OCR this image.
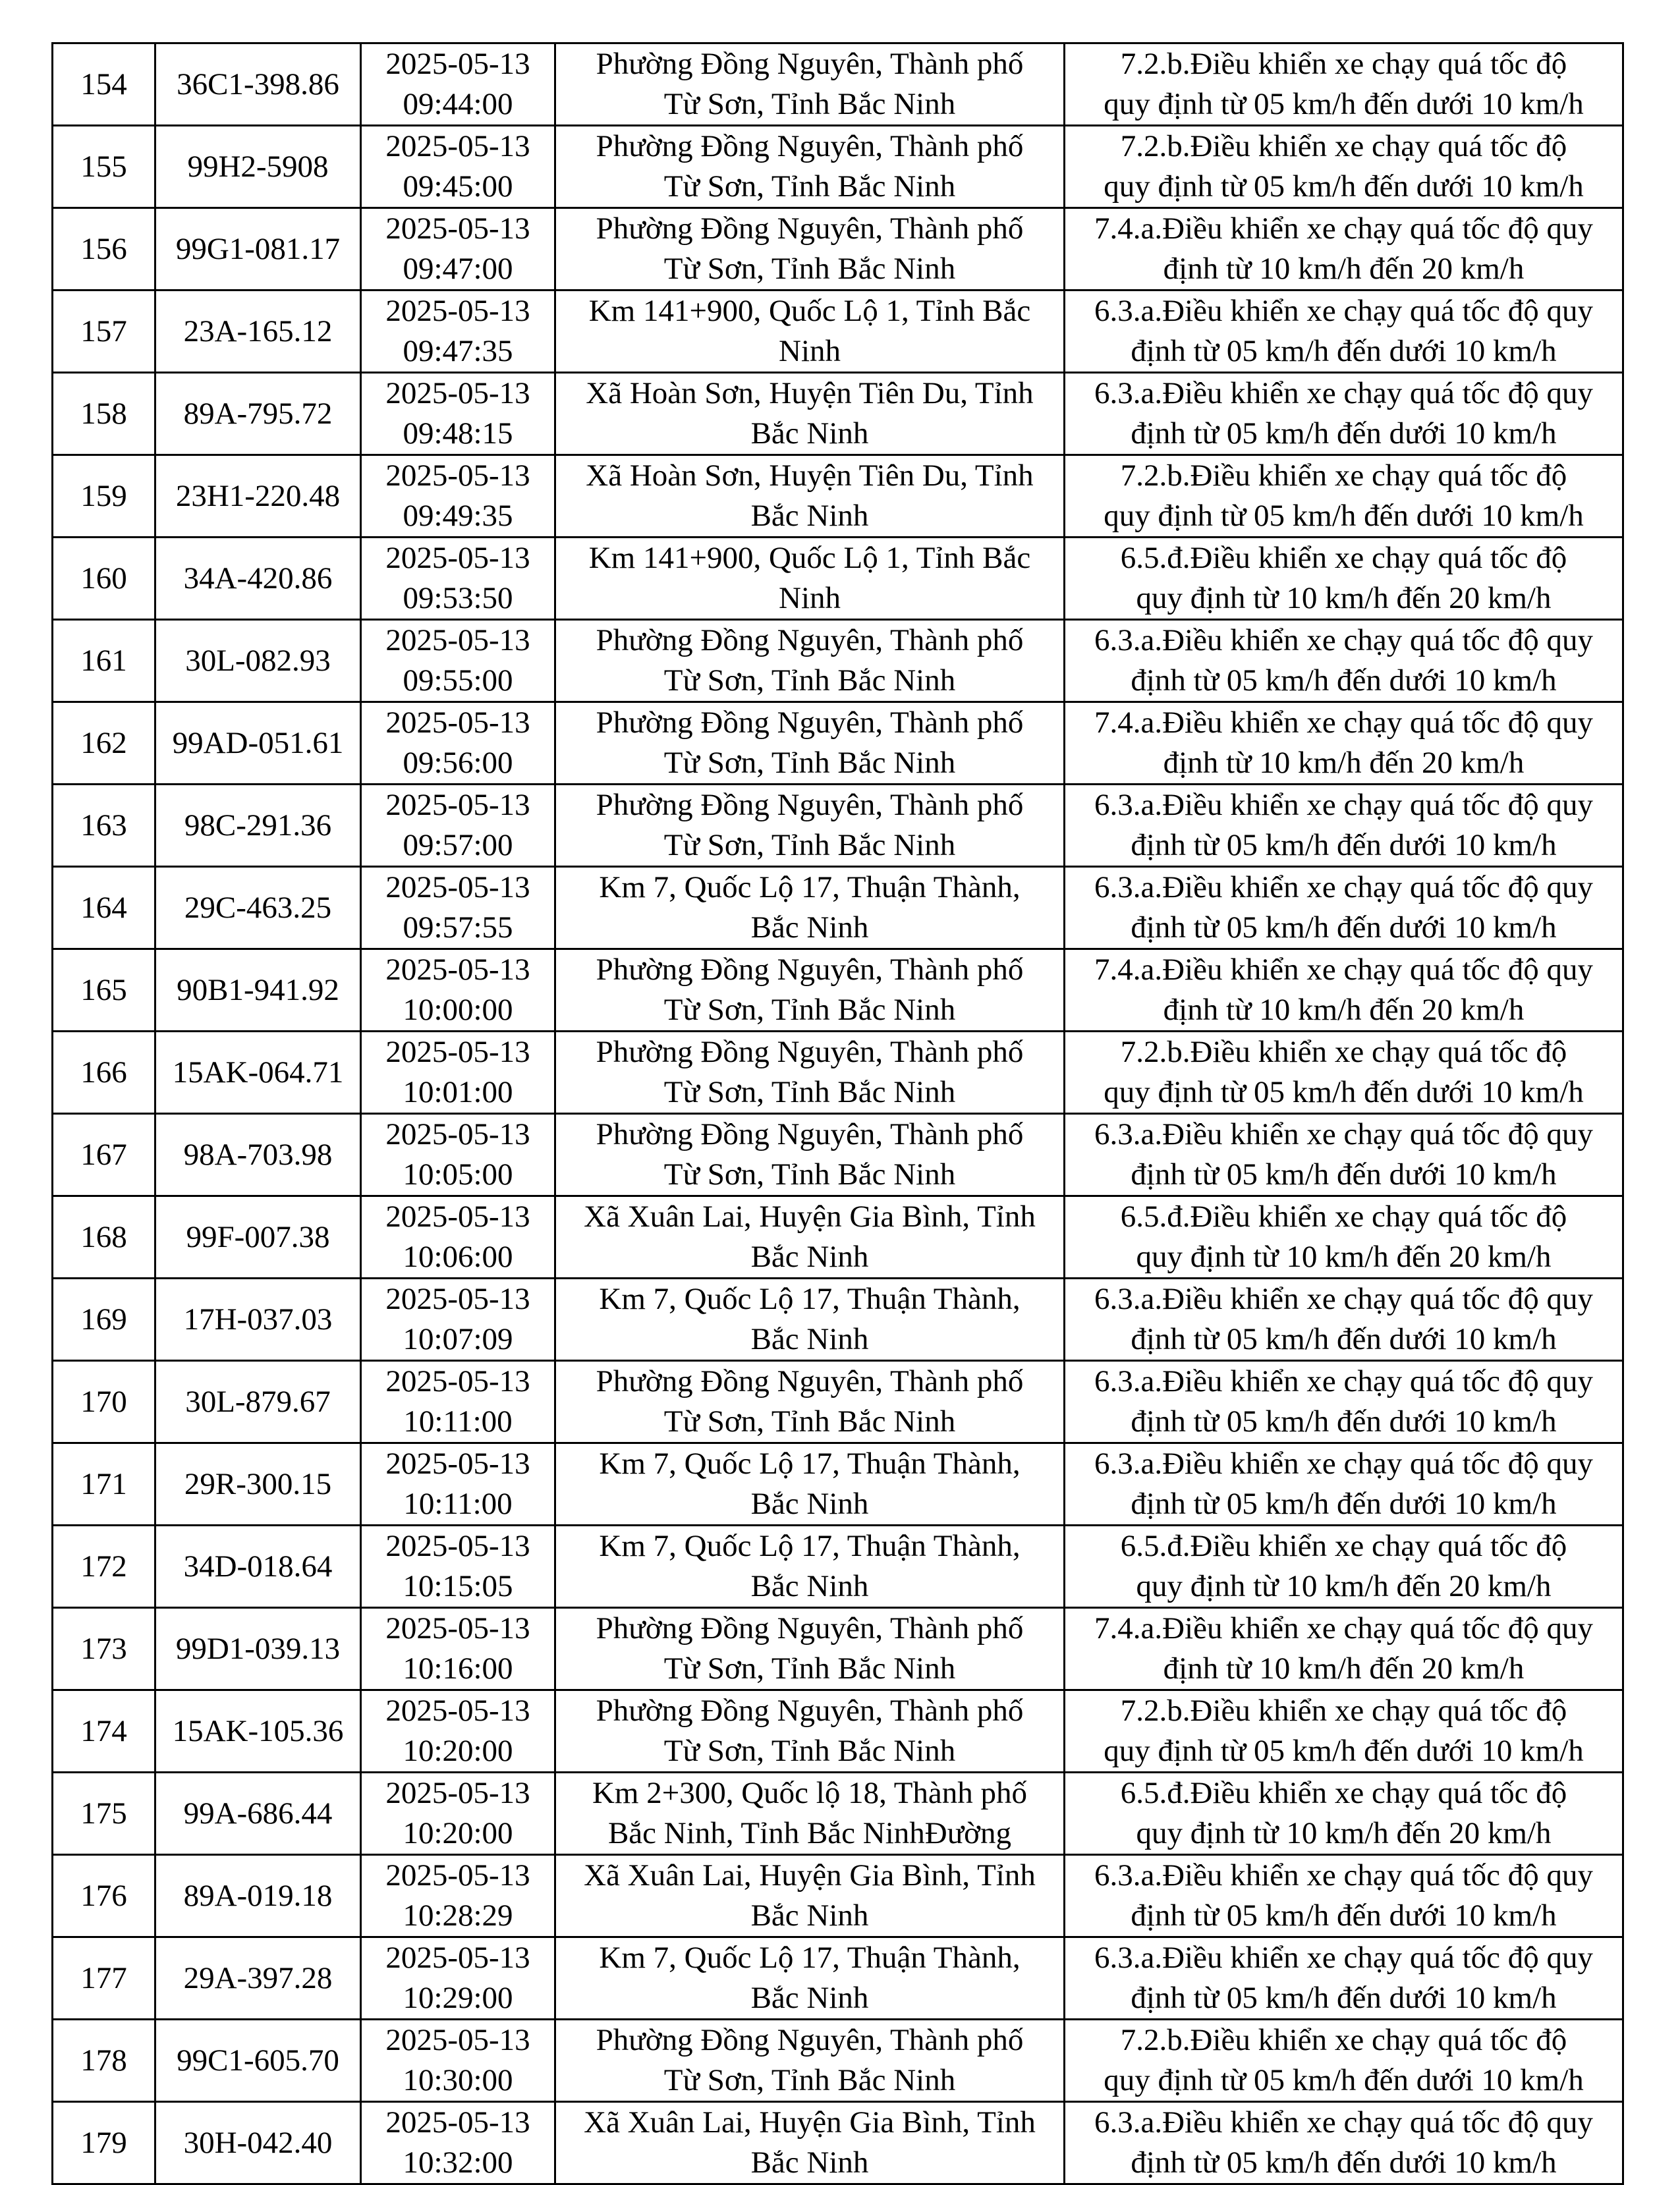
154	36C1-398.86	2025-05-13
09:44:00	Phường Đồng Nguyên, Thành phố
Từ Sơn, Tỉnh Bắc Ninh	7.2.b.Điều khiển xe chạy quá tốc độ
quy định từ 05 km/h đến dưới 10 km/h

155	99H2-5908	2025-05-13
09:45:00	Phường Đồng Nguyên, Thành phố
Từ Sơn, Tỉnh Bắc Ninh	7.2.b.Điều khiển xe chạy quá tốc độ
quy định từ 05 km/h đến dưới 10 km/h

156	99G1-081.17	2025-05-13
09:47:00	Phường Đồng Nguyên, Thành phố
Từ Sơn, Tỉnh Bắc Ninh	7.4.a.Điều khiển xe chạy quá tốc độ quy
định từ 10 km/h đến 20 km/h

157	23A-165.12	2025-05-13
09:47:35	Km 141+900, Quốc Lộ 1, Tỉnh Bắc
Ninh	6.3.a.Điều khiển xe chạy quá tốc độ quy
định từ 05 km/h đến dưới 10 km/h

158	89A-795.72	2025-05-13
09:48:15	Xã Hoàn Sơn, Huyện Tiên Du, Tỉnh
Bắc Ninh	6.3.a.Điều khiển xe chạy quá tốc độ quy
định từ 05 km/h đến dưới 10 km/h

159	23H1-220.48	2025-05-13
09:49:35	Xã Hoàn Sơn, Huyện Tiên Du, Tỉnh
Bắc Ninh	7.2.b.Điều khiển xe chạy quá tốc độ
quy định từ 05 km/h đến dưới 10 km/h

160	34A-420.86	2025-05-13
09:53:50	Km 141+900, Quốc Lộ 1, Tỉnh Bắc
Ninh	6.5.đ.Điều khiển xe chạy quá tốc độ
quy định từ 10 km/h đến 20 km/h

161	30L-082.93	2025-05-13
09:55:00	Phường Đồng Nguyên, Thành phố
Từ Sơn, Tỉnh Bắc Ninh	6.3.a.Điều khiển xe chạy quá tốc độ quy
định từ 05 km/h đến dưới 10 km/h

162	99AD-051.61	2025-05-13
09:56:00	Phường Đồng Nguyên, Thành phố
Từ Sơn, Tỉnh Bắc Ninh	7.4.a.Điều khiển xe chạy quá tốc độ quy
định từ 10 km/h đến 20 km/h

163	98C-291.36	2025-05-13
09:57:00	Phường Đồng Nguyên, Thành phố
Từ Sơn, Tỉnh Bắc Ninh	6.3.a.Điều khiển xe chạy quá tốc độ quy
định từ 05 km/h đến dưới 10 km/h

164	29C-463.25	2025-05-13
09:57:55	Km 7, Quốc Lộ 17, Thuận Thành,
Bắc Ninh	6.3.a.Điều khiển xe chạy quá tốc độ quy
định từ 05 km/h đến dưới 10 km/h

165	90B1-941.92	2025-05-13
10:00:00	Phường Đồng Nguyên, Thành phố
Từ Sơn, Tỉnh Bắc Ninh	7.4.a.Điều khiển xe chạy quá tốc độ quy
định từ 10 km/h đến 20 km/h

166	15AK-064.71	2025-05-13
10:01:00	Phường Đồng Nguyên, Thành phố
Từ Sơn, Tỉnh Bắc Ninh	7.2.b.Điều khiển xe chạy quá tốc độ
quy định từ 05 km/h đến dưới 10 km/h

167	98A-703.98	2025-05-13
10:05:00	Phường Đồng Nguyên, Thành phố
Từ Sơn, Tỉnh Bắc Ninh	6.3.a.Điều khiển xe chạy quá tốc độ quy
định từ 05 km/h đến dưới 10 km/h

168	99F-007.38	2025-05-13
10:06:00	Xã Xuân Lai, Huyện Gia Bình, Tỉnh
Bắc Ninh	6.5.đ.Điều khiển xe chạy quá tốc độ
quy định từ 10 km/h đến 20 km/h

169	17H-037.03	2025-05-13
10:07:09	Km 7, Quốc Lộ 17, Thuận Thành,
Bắc Ninh	6.3.a.Điều khiển xe chạy quá tốc độ quy
định từ 05 km/h đến dưới 10 km/h

170	30L-879.67	2025-05-13
10:11:00	Phường Đồng Nguyên, Thành phố
Từ Sơn, Tỉnh Bắc Ninh	6.3.a.Điều khiển xe chạy quá tốc độ quy
định từ 05 km/h đến dưới 10 km/h

171	29R-300.15	2025-05-13
10:11:00	Km 7, Quốc Lộ 17, Thuận Thành,
Bắc Ninh	6.3.a.Điều khiển xe chạy quá tốc độ quy
định từ 05 km/h đến dưới 10 km/h

172	34D-018.64	2025-05-13
10:15:05	Km 7, Quốc Lộ 17, Thuận Thành,
Bắc Ninh	6.5.đ.Điều khiển xe chạy quá tốc độ
quy định từ 10 km/h đến 20 km/h

173	99D1-039.13	2025-05-13
10:16:00	Phường Đồng Nguyên, Thành phố
Từ Sơn, Tỉnh Bắc Ninh	7.4.a.Điều khiển xe chạy quá tốc độ quy
định từ 10 km/h đến 20 km/h

174	15AK-105.36	2025-05-13
10:20:00	Phường Đồng Nguyên, Thành phố
Từ Sơn, Tỉnh Bắc Ninh	7.2.b.Điều khiển xe chạy quá tốc độ
quy định từ 05 km/h đến dưới 10 km/h

175	99A-686.44	2025-05-13
10:20:00	Km 2+300, Quốc lộ 18, Thành phố
Bắc Ninh, Tỉnh Bắc NinhĐường	6.5.đ.Điều khiển xe chạy quá tốc độ
quy định từ 10 km/h đến 20 km/h

176	89A-019.18	2025-05-13
10:28:29	Xã Xuân Lai, Huyện Gia Bình, Tỉnh
Bắc Ninh	6.3.a.Điều khiển xe chạy quá tốc độ quy
định từ 05 km/h đến dưới 10 km/h

177	29A-397.28	2025-05-13
10:29:00	Km 7, Quốc Lộ 17, Thuận Thành,
Bắc Ninh	6.3.a.Điều khiển xe chạy quá tốc độ quy
định từ 05 km/h đến dưới 10 km/h

178	99C1-605.70	2025-05-13
10:30:00	Phường Đồng Nguyên, Thành phố
Từ Sơn, Tỉnh Bắc Ninh	7.2.b.Điều khiển xe chạy quá tốc độ
quy định từ 05 km/h đến dưới 10 km/h

179	30H-042.40	2025-05-13
10:32:00	Xã Xuân Lai, Huyện Gia Bình, Tỉnh
Bắc Ninh	6.3.a.Điều khiển xe chạy quá tốc độ quy
định từ 05 km/h đến dưới 10 km/h
